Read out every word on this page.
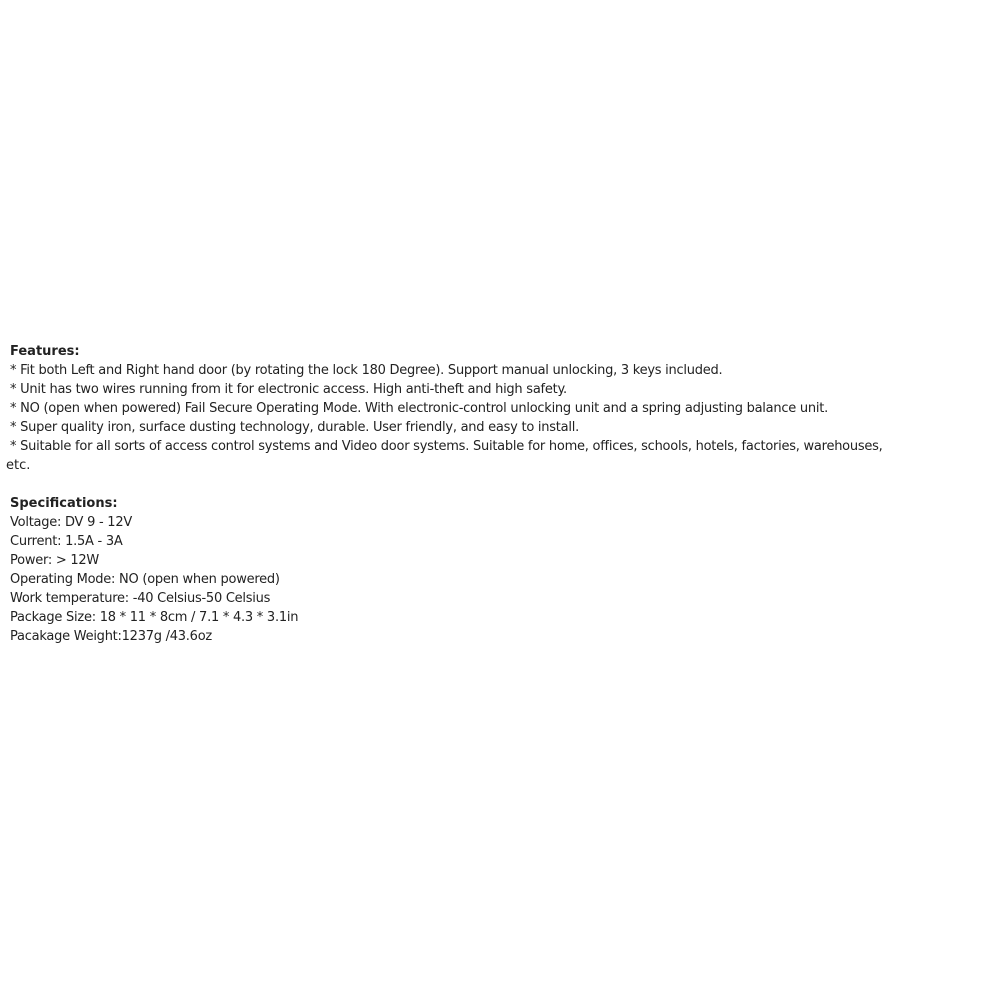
Features:
* Fit both Left and Right hand door (by rotating the lock 180 Degree). Support manual unlocking, 3 keys included.
* Unit has two wires running from it for electronic access. High anti-theft and high safety.
* NO (open when powered) Fail Secure Operating Mode. With electronic-control unlocking unit and a spring adjusting balance unit.
* Super quality iron, surface dusting technology, durable. User friendly, and easy to install.
* Suitable for all sorts of access control systems and Video door systems. Suitable for home, offices, schools, hotels, factories, warehouses,
etc.
Specifications:
Voltage: DV 9 - 12V
Current: 1.5A - 3A
Power: > 12W
Operating Mode: NO (open when powered)
Work temperature: -40 Celsius-50 Celsius
Package Size: 18 * 11 * 8cm / 7.1 * 4.3 * 3.1in
Pacakage Weight:1237g /43.6oz
